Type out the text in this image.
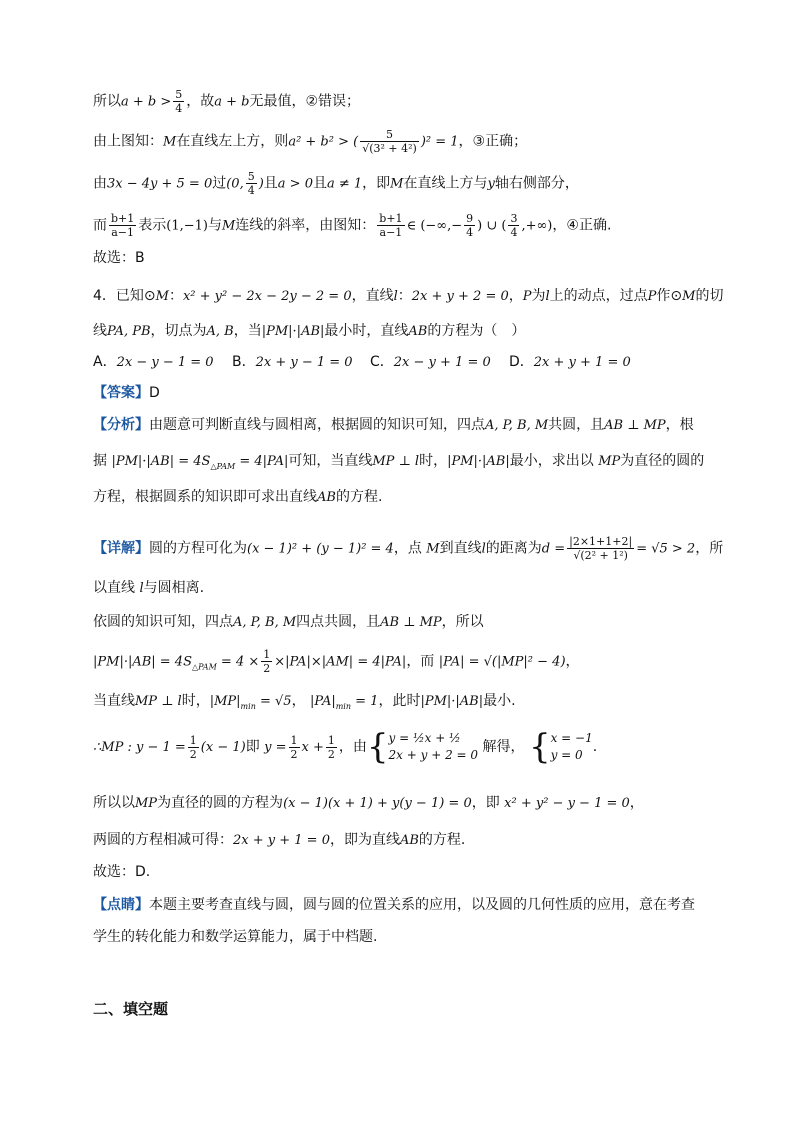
所以$a + b > \frac{5}{4}$ ，故a + b无最值，②错误；
由上图知：M在直线左上方，则a² + b² > ( $\frac{5}{\text{√(3² + 4²)}} )^2 = 1$，③正确；
由3x − 4y + 5 = 0过(0, $\frac{5}{4}$ )且a > 0且a ≠ 1，即M在直线上方与y轴右侧部分，
而 $\frac{b+1}{a-1}$ 表示(1,−1)与M连线的斜率，由图知： $\frac{b+1}{a-1}$ ∈ (−∞,− $\frac{9}{4}$ ) ∪ ( $\frac{3}{4}$ ,+∞)，④正确.
故选：B
4．已知⊙M：x² + y² − 2x − 2y − 2 = 0，直线l：2x + y + 2 = 0，P为l上的动点，过点P作⊙M的切
线PA, PB，切点为A, B，当|PM|·|AB|最小时，直线AB的方程为（　）
A．2x − y − 1 = 0 B．2x + y − 1 = 0 C．2x − y + 1 = 0 D．2x + y + 1 = 0
【答案】D
【分析】由题意可判断直线与圆相离，根据圆的知识可知，四点A, P, B, M共圆，且AB ⊥ MP，根
据 $|PM|\cdot|AB| = 4S_{\triangle PAM} = 4|PA|$可知，当直线MP ⊥ l时，|PM|·|AB|最小，求出以 MP为直径的圆的
方程，根据圆系的知识即可求出直线AB的方程.
【详解】圆的方程可化为(x − 1)² + (y − 1)² = 4，点 M到直线l的距离为$d = \frac{|2\times 1+1+2|}{\text{√(2² + 1²)}} = √5 > 2$，所
以直线 l与圆相离.
依圆的知识可知，四点A, P, B, M四点共圆，且AB ⊥ MP，所以
$|PM|\cdot|AB| = 4S_{\triangle PAM} = 4 \times \frac{1}{2} \times|PA|\times|AM| = 4|PA|$，而 |PA| = √(|MP|² − 4)，
当直线MP ⊥ l时，$|MP|_{min} = √5$， $|PA|_{min} = 1$，此时|PM|·|AB|最小.
∴MP : $y - 1 = \frac{1}{2} (x - 1)$即 $y = \frac{1}{2}$ $x + \frac{1}{2}$ ，由{ y = ½x + ½
2x + y + 2 = 0 解得， { x = −1
y = 0 .
所以以MP为直径的圆的方程为(x − 1)(x + 1) + y(y − 1) = 0，即 x² + y² − y − 1 = 0，
两圆的方程相减可得：2x + y + 1 = 0，即为直线AB的方程.
故选：D.
【点睛】本题主要考查直线与圆，圆与圆的位置关系的应用，以及圆的几何性质的应用，意在考查
学生的转化能力和数学运算能力，属于中档题.
二、填空题
